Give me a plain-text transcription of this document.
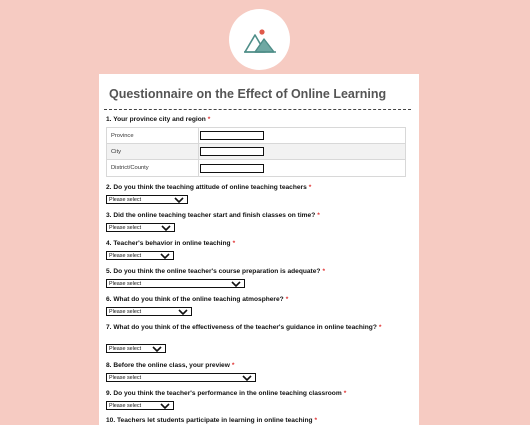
Questionnaire on the Effect of Online Learning
1. Your province city and region *
Province
City
District/County
2. Do you think the teaching attitude of online teaching teachers *
Please select
3. Did the online teaching teacher start and finish classes on time? *
Please select
4. Teacher's behavior in online teaching *
Please select
5. Do you think the online teacher's course preparation is adequate? *
Please select
6. What do you think of the online teaching atmosphere? *
Please select
7. What do you think of the effectiveness of the teacher's guidance in online teaching? *
Please select
8. Before the online class, your preview *
Please select
9. Do you think the teacher's performance in the online teaching classroom *
Please select
10. Teachers let students participate in learning in online teaching *
